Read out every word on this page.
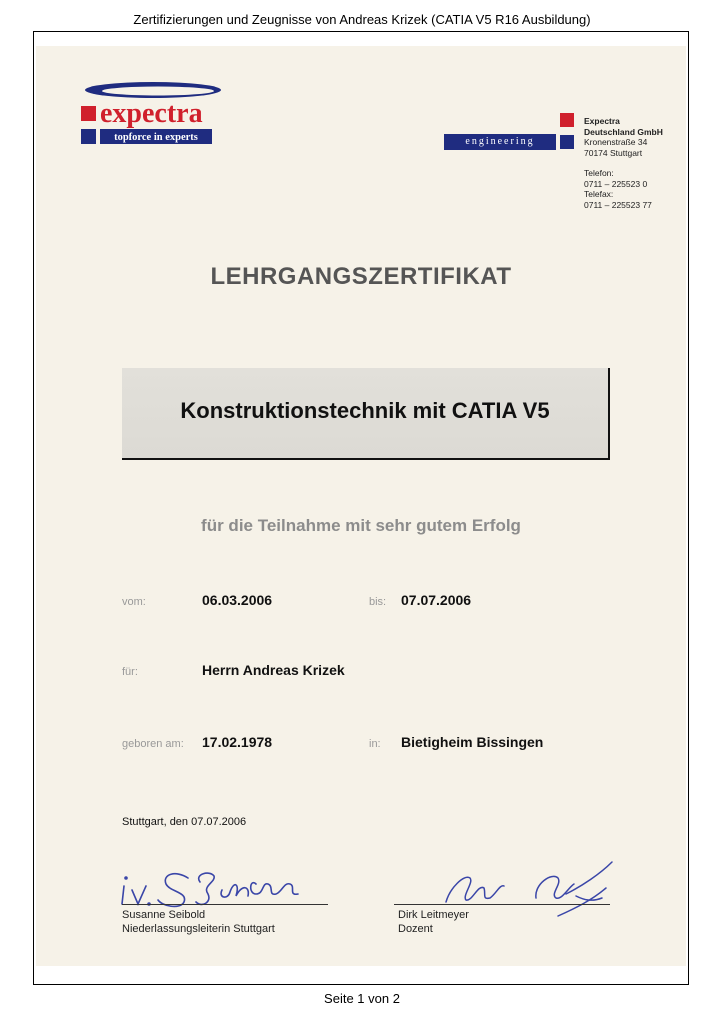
Zertifizierungen und Zeugnisse von Andreas Krizek (CATIA V5 R16 Ausbildung)
expectra
topforce in experts	engineering
Expectra
Deutschland GmbH
Kronenstraße 34
70174 Stuttgart
Telefon:
0711 – 225523 0
Telefax:
0711 – 225523 77
LEHRGANGSZERTIFIKAT
Konstruktionstechnik mit CATIA V5
für die Teilnahme mit sehr gutem Erfolg
vom:	06.03.2006	bis: 07.07.2006
für:	Herrn Andreas Krizek
geboren am: 17.02.1978	in: Bietigheim Bissingen
Stuttgart, den 07.07.2006
Susanne Seibold
Niederlassungsleiterin Stuttgart
Dirk Leitmeyer
Dozent
Seite 1 von 2
